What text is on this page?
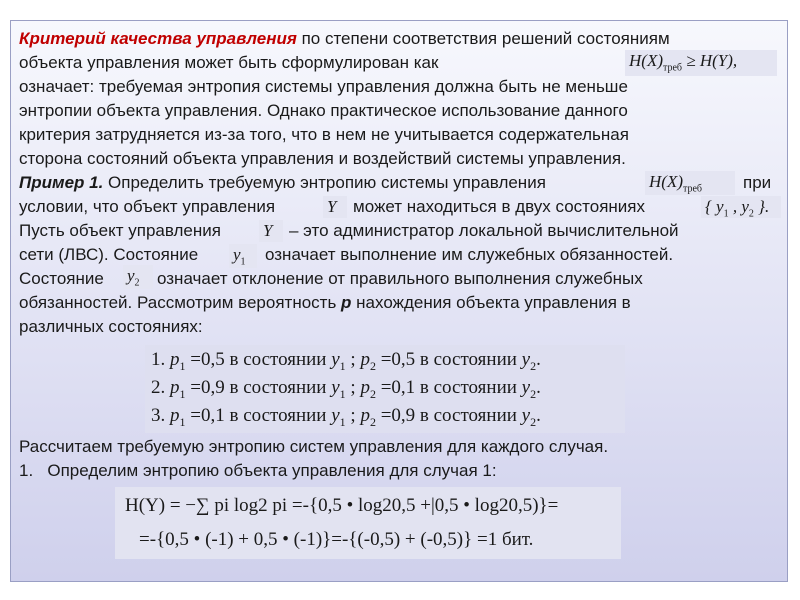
Критерий качества управления по степени соответствия решений состояниям
объекта управления может быть сформулирован как	$H(X)_{треб} \ge H(Y)$,
означает: требуемая энтропия системы управления должна быть не меньше
энтропии объекта управления. Однако практическое использование данного
критерия затрудняется из-за того, что в нем не учитывается содержательная
сторона состояний объекта управления и воздействий системы управления.
Пример 1. Определить требуемую энтропию системы управления	$H(X)_{треб}$	при
условии, что объект управления	Y может находиться в двух состояниях	{ $y_1$ , $y_2$ }.
Пусть объект управления Y – это администратор локальной вычислительной
сети (ЛВС). Состояние $y_1$	означает выполнение им служебных обязанностей.
Состояние $y_2$	означает отклонение от правильного выполнения служебных
обязанностей. Рассмотрим вероятность p нахождения объекта управления в
различных состояниях:
1. $p_1 =0,5$ в состоянии $y_1$ ; $p_2 =0,5$ в состоянии $y_2$.
2. $p_1 =0,9$ в состоянии $y_1$ ; $p_2 =0,1$ в состоянии $y_2$.
3. $p_1 =0,1$ в состоянии $y_1$ ; $p_2 =0,9$ в состоянии $y_2$.
Рассчитаем требуемую энтропию систем управления для каждого случая.
1. Определим энтропию объекта управления для случая 1:
H(Y) = −∑ pi log2 pi =-{0,5 • log20,5 +|0,5 • log20,5)}=
=-{0,5 • (-1) + 0,5 • (-1)}=-{(-0,5) + (-0,5)} =1 бит.
